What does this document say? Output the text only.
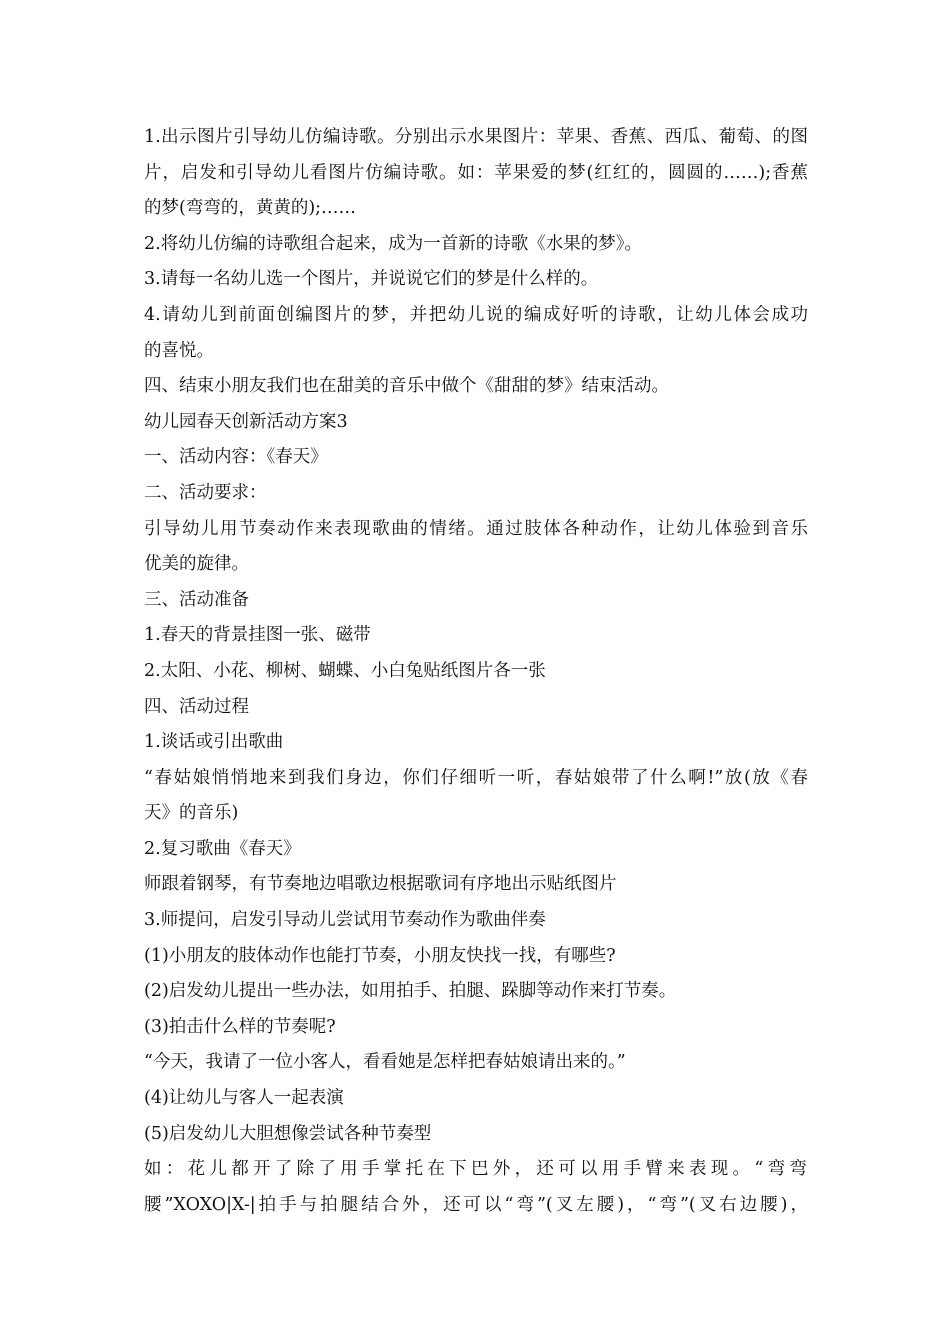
1.出示图片引导幼儿仿编诗歌。分别出示水果图片：苹果、香蕉、西瓜、葡萄、的图
片，启发和引导幼儿看图片仿编诗歌。如：苹果爱的梦(红红的，圆圆的……);香蕉
的梦(弯弯的，黄黄的);……
2.将幼儿仿编的诗歌组合起来，成为一首新的诗歌《水果的梦》。
3.请每一名幼儿选一个图片，并说说它们的梦是什么样的。
4.请幼儿到前面创编图片的梦，并把幼儿说的编成好听的诗歌，让幼儿体会成功
的喜悦。
四、结束小朋友我们也在甜美的音乐中做个《甜甜的梦》结束活动。
幼儿园春天创新活动方案3
一、活动内容：《春天》
二、活动要求：
引导幼儿用节奏动作来表现歌曲的情绪。通过肢体各种动作，让幼儿体验到音乐
优美的旋律。
三、活动准备
1.春天的背景挂图一张、磁带
2.太阳、小花、柳树、蝴蝶、小白兔贴纸图片各一张
四、活动过程
1.谈话或引出歌曲
“春姑娘悄悄地来到我们身边，你们仔细听一听，春姑娘带了什么啊!”放(放《春
天》的音乐)
2.复习歌曲《春天》
师跟着钢琴，有节奏地边唱歌边根据歌词有序地出示贴纸图片
3.师提问，启发引导动儿尝试用节奏动作为歌曲伴奏
(1)小朋友的肢体动作也能打节奏，小朋友快找一找，有哪些?
(2)启发幼儿提出一些办法，如用拍手、拍腿、跺脚等动作来打节奏。
(3)拍击什么样的节奏呢?
“今天，我请了一位小客人，看看她是怎样把春姑娘请出来的。”
(4)让幼儿与客人一起表演
(5)启发幼儿大胆想像尝试各种节奏型
如：花儿都开了除了用手掌托在下巴外，还可以用手臂来表现。“弯弯
腰”XOXO|X-|拍手与拍腿结合外，还可以“弯”(叉左腰)，“弯”(叉右边腰)，
